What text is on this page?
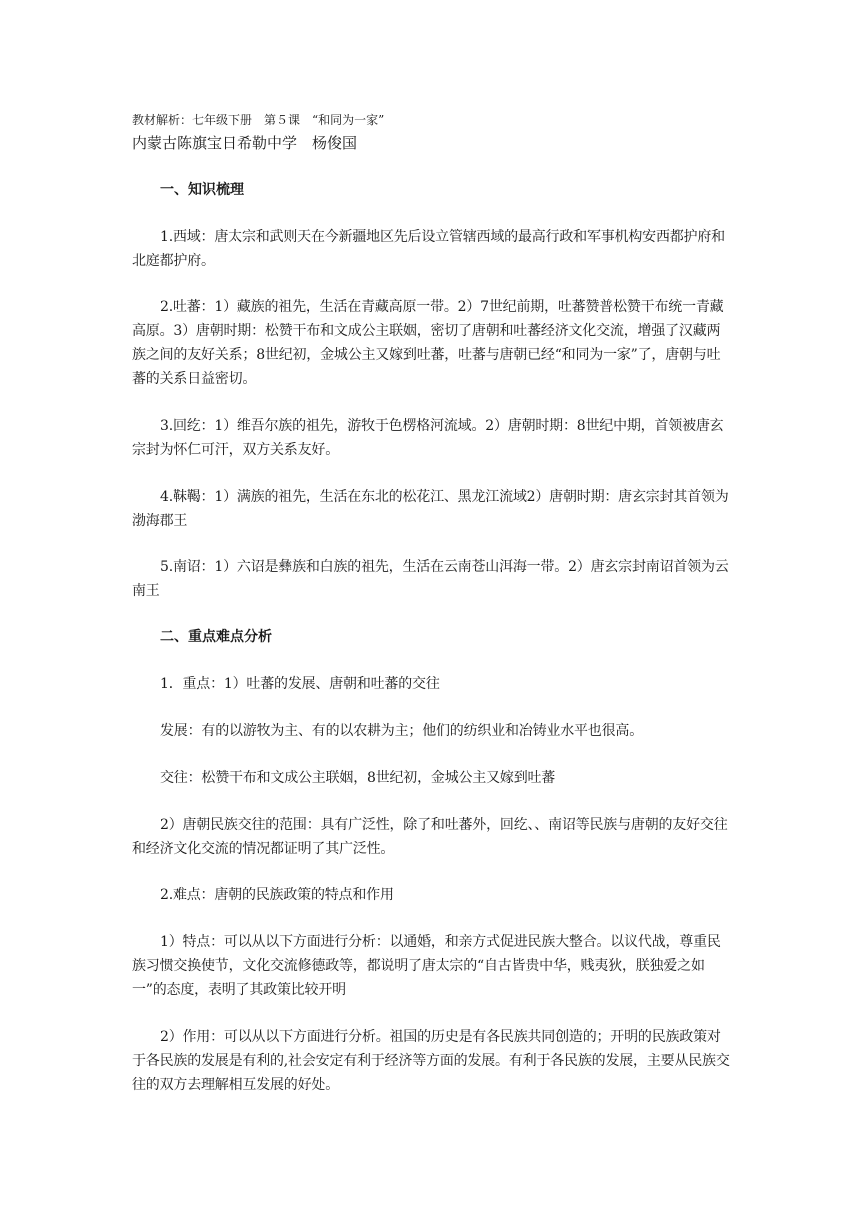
教材解析：七年级下册　第５课　“和同为一家”

内蒙古陈旗宝日希勒中学　杨俊国

一、知识梳理

1.西域：唐太宗和武则天在今新疆地区先后设立管辖西域的最高行政和军事机构安西都护府和北庭都护府。

2.吐蕃：1）藏族的祖先，生活在青藏高原一带。2）7世纪前期，吐蕃赞普松赞干布统一青藏高原。3）唐朝时期：松赞干布和文成公主联姻，密切了唐朝和吐蕃经济文化交流，增强了汉藏两族之间的友好关系；8世纪初，金城公主又嫁到吐蕃，吐蕃与唐朝已经“和同为一家”了，唐朝与吐蕃的关系日益密切。

3.回纥：1）维吾尔族的祖先，游牧于色楞格河流域。2）唐朝时期：8世纪中期，首领被唐玄宗封为怀仁可汗，双方关系友好。

4.靺鞨：1）满族的祖先，生活在东北的松花江、黑龙江流域2）唐朝时期：唐玄宗封其首领为渤海郡王

5.南诏：1）六诏是彝族和白族的祖先，生活在云南苍山洱海一带。2）唐玄宗封南诏首领为云南王

二、重点难点分析

1．重点：1）吐蕃的发展、唐朝和吐蕃的交往

发展：有的以游牧为主、有的以农耕为主；他们的纺织业和冶铸业水平也很高。

交往：松赞干布和文成公主联姻，8世纪初，金城公主又嫁到吐蕃

2）唐朝民族交往的范围：具有广泛性，除了和吐蕃外，回纥、、南诏等民族与唐朝的友好交往和经济文化交流的情况都证明了其广泛性。

2.难点：唐朝的民族政策的特点和作用

1）特点：可以从以下方面进行分析：以通婚，和亲方式促进民族大整合。以议代战，尊重民族习惯交换使节，文化交流修德政等，都说明了唐太宗的“自古皆贵中华，贱夷狄，朕独爱之如一”的态度，表明了其政策比较开明

2）作用：可以从以下方面进行分析。祖国的历史是有各民族共同创造的；开明的民族政策对于各民族的发展是有利的,社会安定有利于经济等方面的发展。有利于各民族的发展，主要从民族交往的双方去理解相互发展的好处。
